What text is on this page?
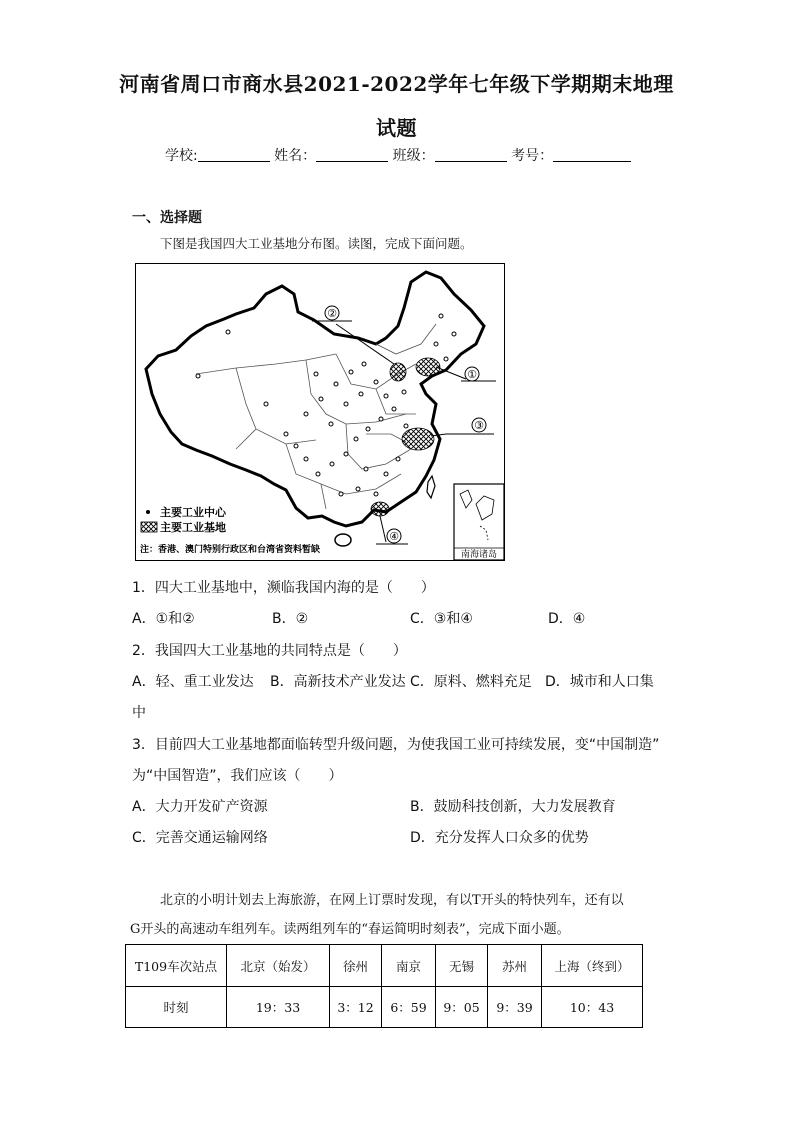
河南省周口市商水县2021-2022学年七年级下学期期末地理
试题
学校:	姓名：	班级：	考号：
一、选择题
下图是我国四大工业基地分布图。读图，完成下面问题。
②
①
③
④
南海诸岛
主要工业中心
主要工业基地
注：香港、澳门特别行政区和台湾省资料暂缺
1．四大工业基地中，濒临我国内海的是（　　）
A．①和②	B．②	C．③和④	D．④
2．我国四大工业基地的共同特点是（　　）
A．轻、重工业发达 B．高新技术产业发达 C．原料、燃料充足 D．城市和人口集
中
3．目前四大工业基地都面临转型升级问题，为使我国工业可持续发展，变“中国制造”
为“中国智造”，我们应该（　　）
A．大力开发矿产资源	B．鼓励科技创新，大力发展教育
C．完善交通运输网络	D．充分发挥人口众多的优势
北京的小明计划去上海旅游，在网上订票时发现，有以T开头的特快列车，还有以
G开头的高速动车组列车。读两组列车的“春运简明时刻表”，完成下面小题。
T109车次站点	北京（始发）	徐州	南京	无锡	苏州	上海（终到）
时刻	19：33	3：12	6：59	9：05	9：39	10：43
